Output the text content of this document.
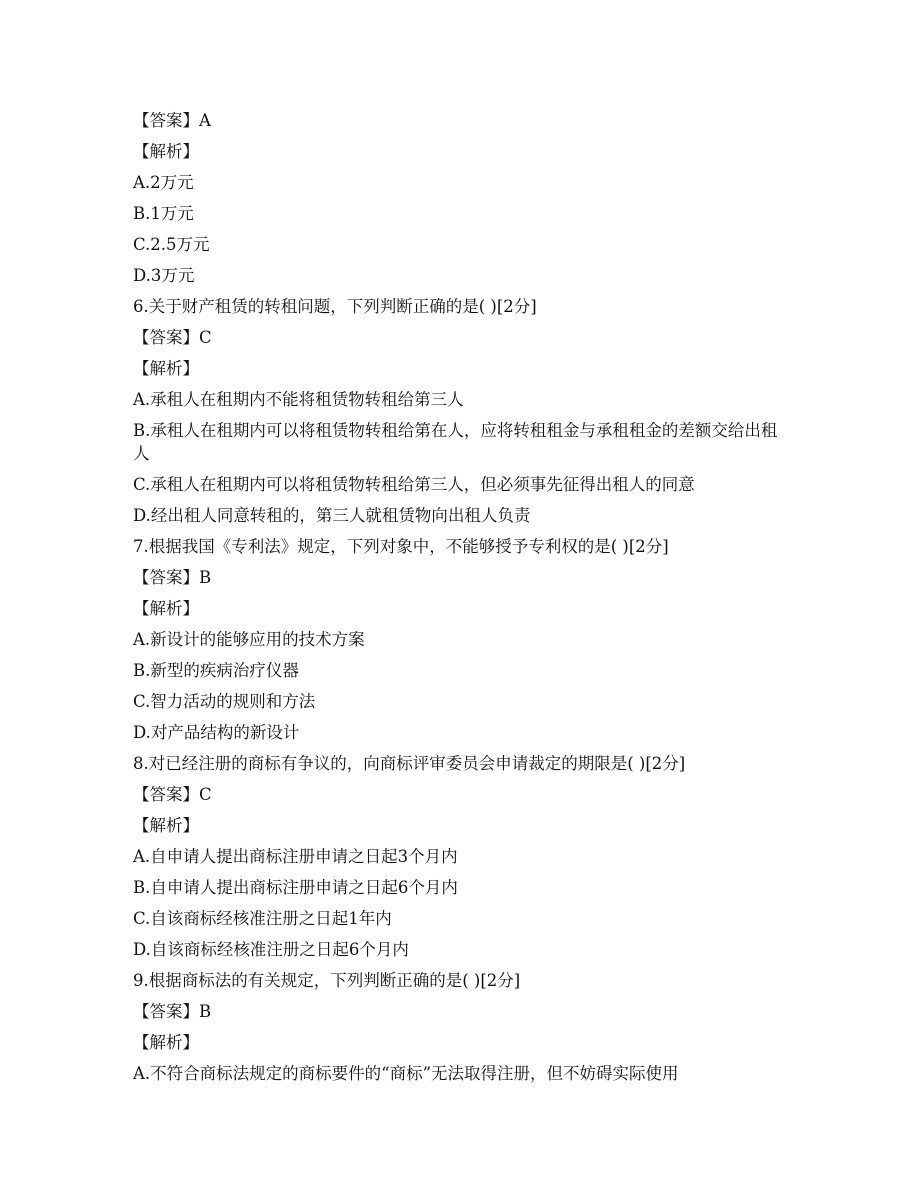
【答案】A
【解析】
A.2万元
B.1万元
C.2.5万元
D.3万元
6.关于财产租赁的转租问题，下列判断正确的是( )[2分]
【答案】C
【解析】
A.承租人在租期内不能将租赁物转租给第三人
B.承租人在租期内可以将租赁物转租给第在人，应将转租租金与承租租金的差额交给出租人
C.承租人在租期内可以将租赁物转租给第三人，但必须事先征得出租人的同意
D.经出租人同意转租的，第三人就租赁物向出租人负责
7.根据我国《专利法》规定，下列对象中，不能够授予专利权的是( )[2分]
【答案】B
【解析】
A.新设计的能够应用的技术方案
B.新型的疾病治疗仪器
C.智力活动的规则和方法
D.对产品结构的新设计
8.对已经注册的商标有争议的，向商标评审委员会申请裁定的期限是( )[2分]
【答案】C
【解析】
A.自申请人提出商标注册申请之日起3个月内
B.自申请人提出商标注册申请之日起6个月内
C.自该商标经核准注册之日起1年内
D.自该商标经核准注册之日起6个月内
9.根据商标法的有关规定，下列判断正确的是( )[2分]
【答案】B
【解析】
A.不符合商标法规定的商标要件的“商标”无法取得注册，但不妨碍实际使用
